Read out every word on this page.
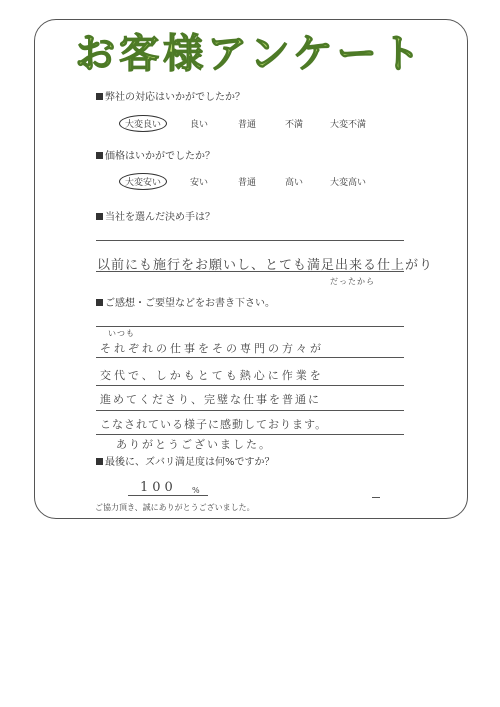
お客様アンケート
弊社の対応はいかがでしたか？
大変良い	良い	普通	不満	大変不満
価格はいかがでしたか？
大変安い	安い	普通	高い	大変高い
当社を選んだ決め手は？
以前にも施行をお願いし、とても満足出来る仕上がり
だったから
ご感想・ご要望などをお書き下さい。
いつも
それぞれの仕事をその専門の方々が
交代で、しかもとても熱心に作業を
進めてくださり、完璧な仕事を普通に
こなされている様子に感動しております。
ありがとうございました。
最後に、ズバリ満足度は何%ですか？
100 %
ご協力頂き、誠にありがとうございました。
